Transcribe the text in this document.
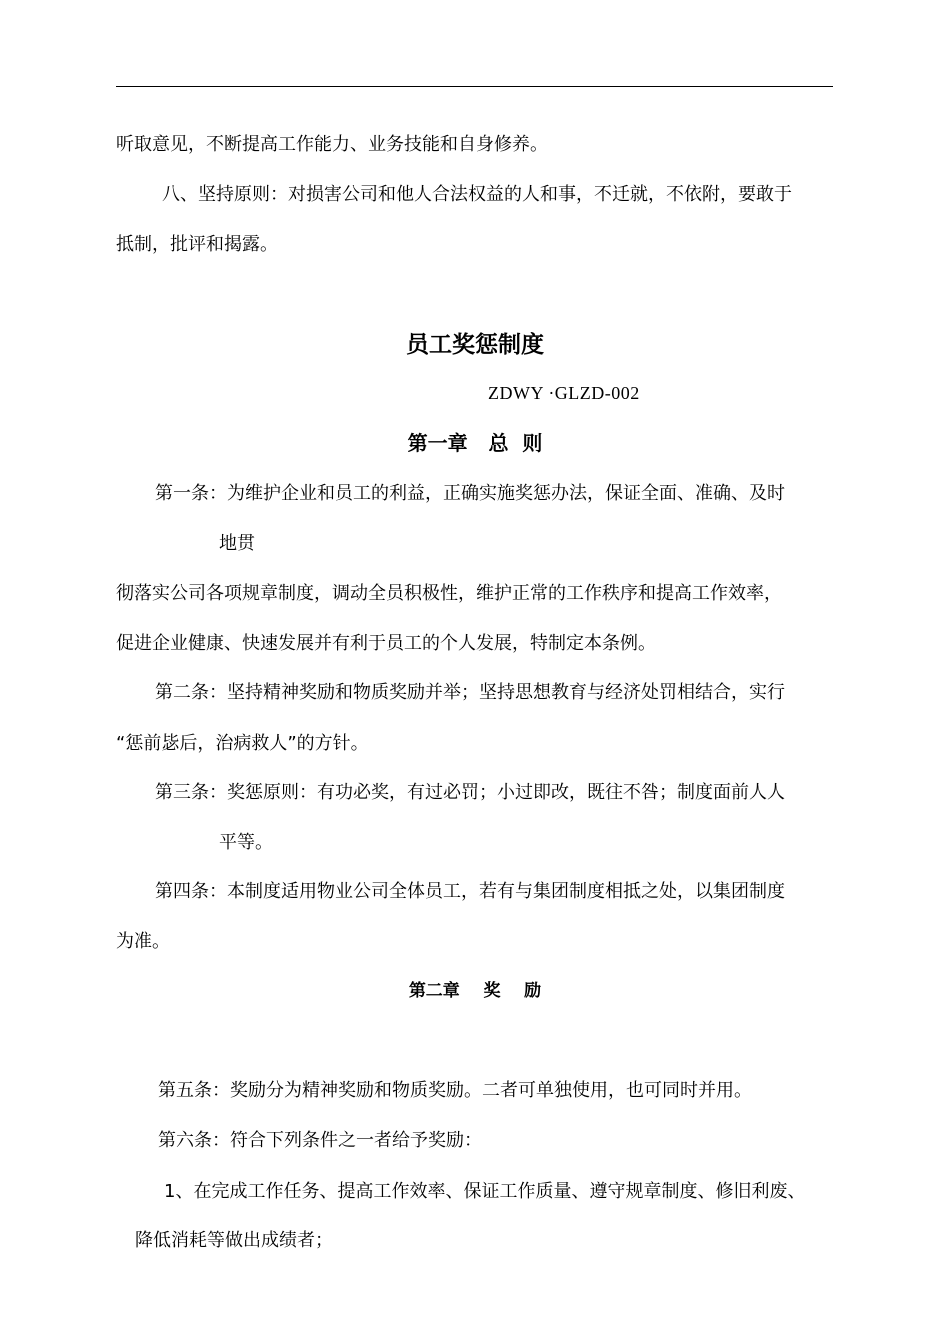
听取意见，不断提高工作能力、业务技能和自身修养。
八、坚持原则：对损害公司和他人合法权益的人和事，不迁就，不依附，要敢于
抵制，批评和揭露。
员工奖惩制度
ZDWY ·GLZD-002
第一章   总  则
第一条：为维护企业和员工的利益，正确实施奖惩办法，保证全面、准确、及时
地贯
彻落实公司各项规章制度，调动全员积极性，维护正常的工作秩序和提高工作效率，
促进企业健康、快速发展并有利于员工的个人发展，特制定本条例。
第二条：坚持精神奖励和物质奖励并举；坚持思想教育与经济处罚相结合，实行
“惩前毖后，治病救人”的方针。
第三条：奖惩原则：有功必奖，有过必罚；小过即改，既往不咎；制度面前人人
平等。
第四条：本制度适用物业公司全体员工，若有与集团制度相抵之处，以集团制度
为准。
第二章    奖    励
第五条：奖励分为精神奖励和物质奖励。二者可单独使用，也可同时并用。
第六条：符合下列条件之一者给予奖励：
1、在完成工作任务、提高工作效率、保证工作质量、遵守规章制度、修旧利废、
降低消耗等做出成绩者；
